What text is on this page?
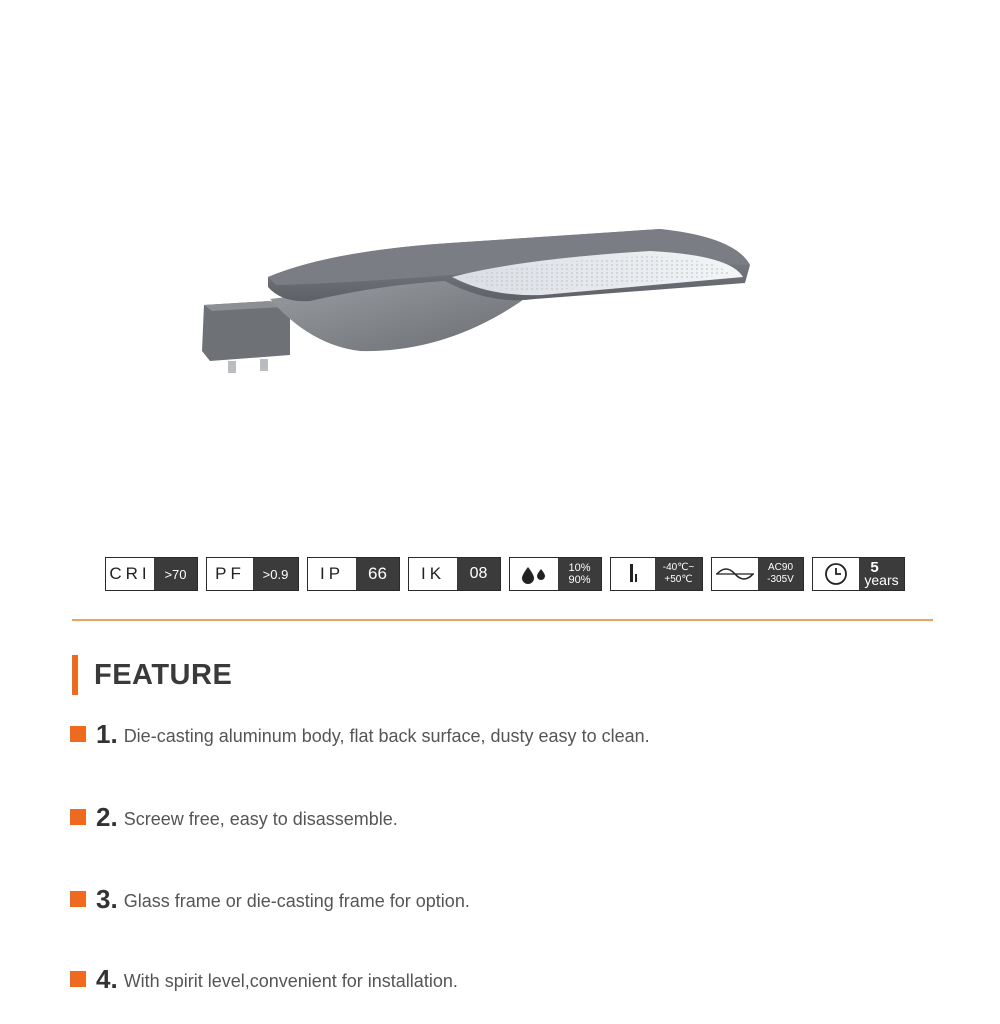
CRI	>70	PF	>0.9	IP	66	IK	08	10%
90%
-40℃~
+50℃
AC90
-305V
5
years
FEATURE
1. Die-casting aluminum body, flat back surface, dusty easy to clean.
2. Screew free, easy to disassemble.
3. Glass frame or die-casting frame for option.
4. With spirit level,convenient for installation.
